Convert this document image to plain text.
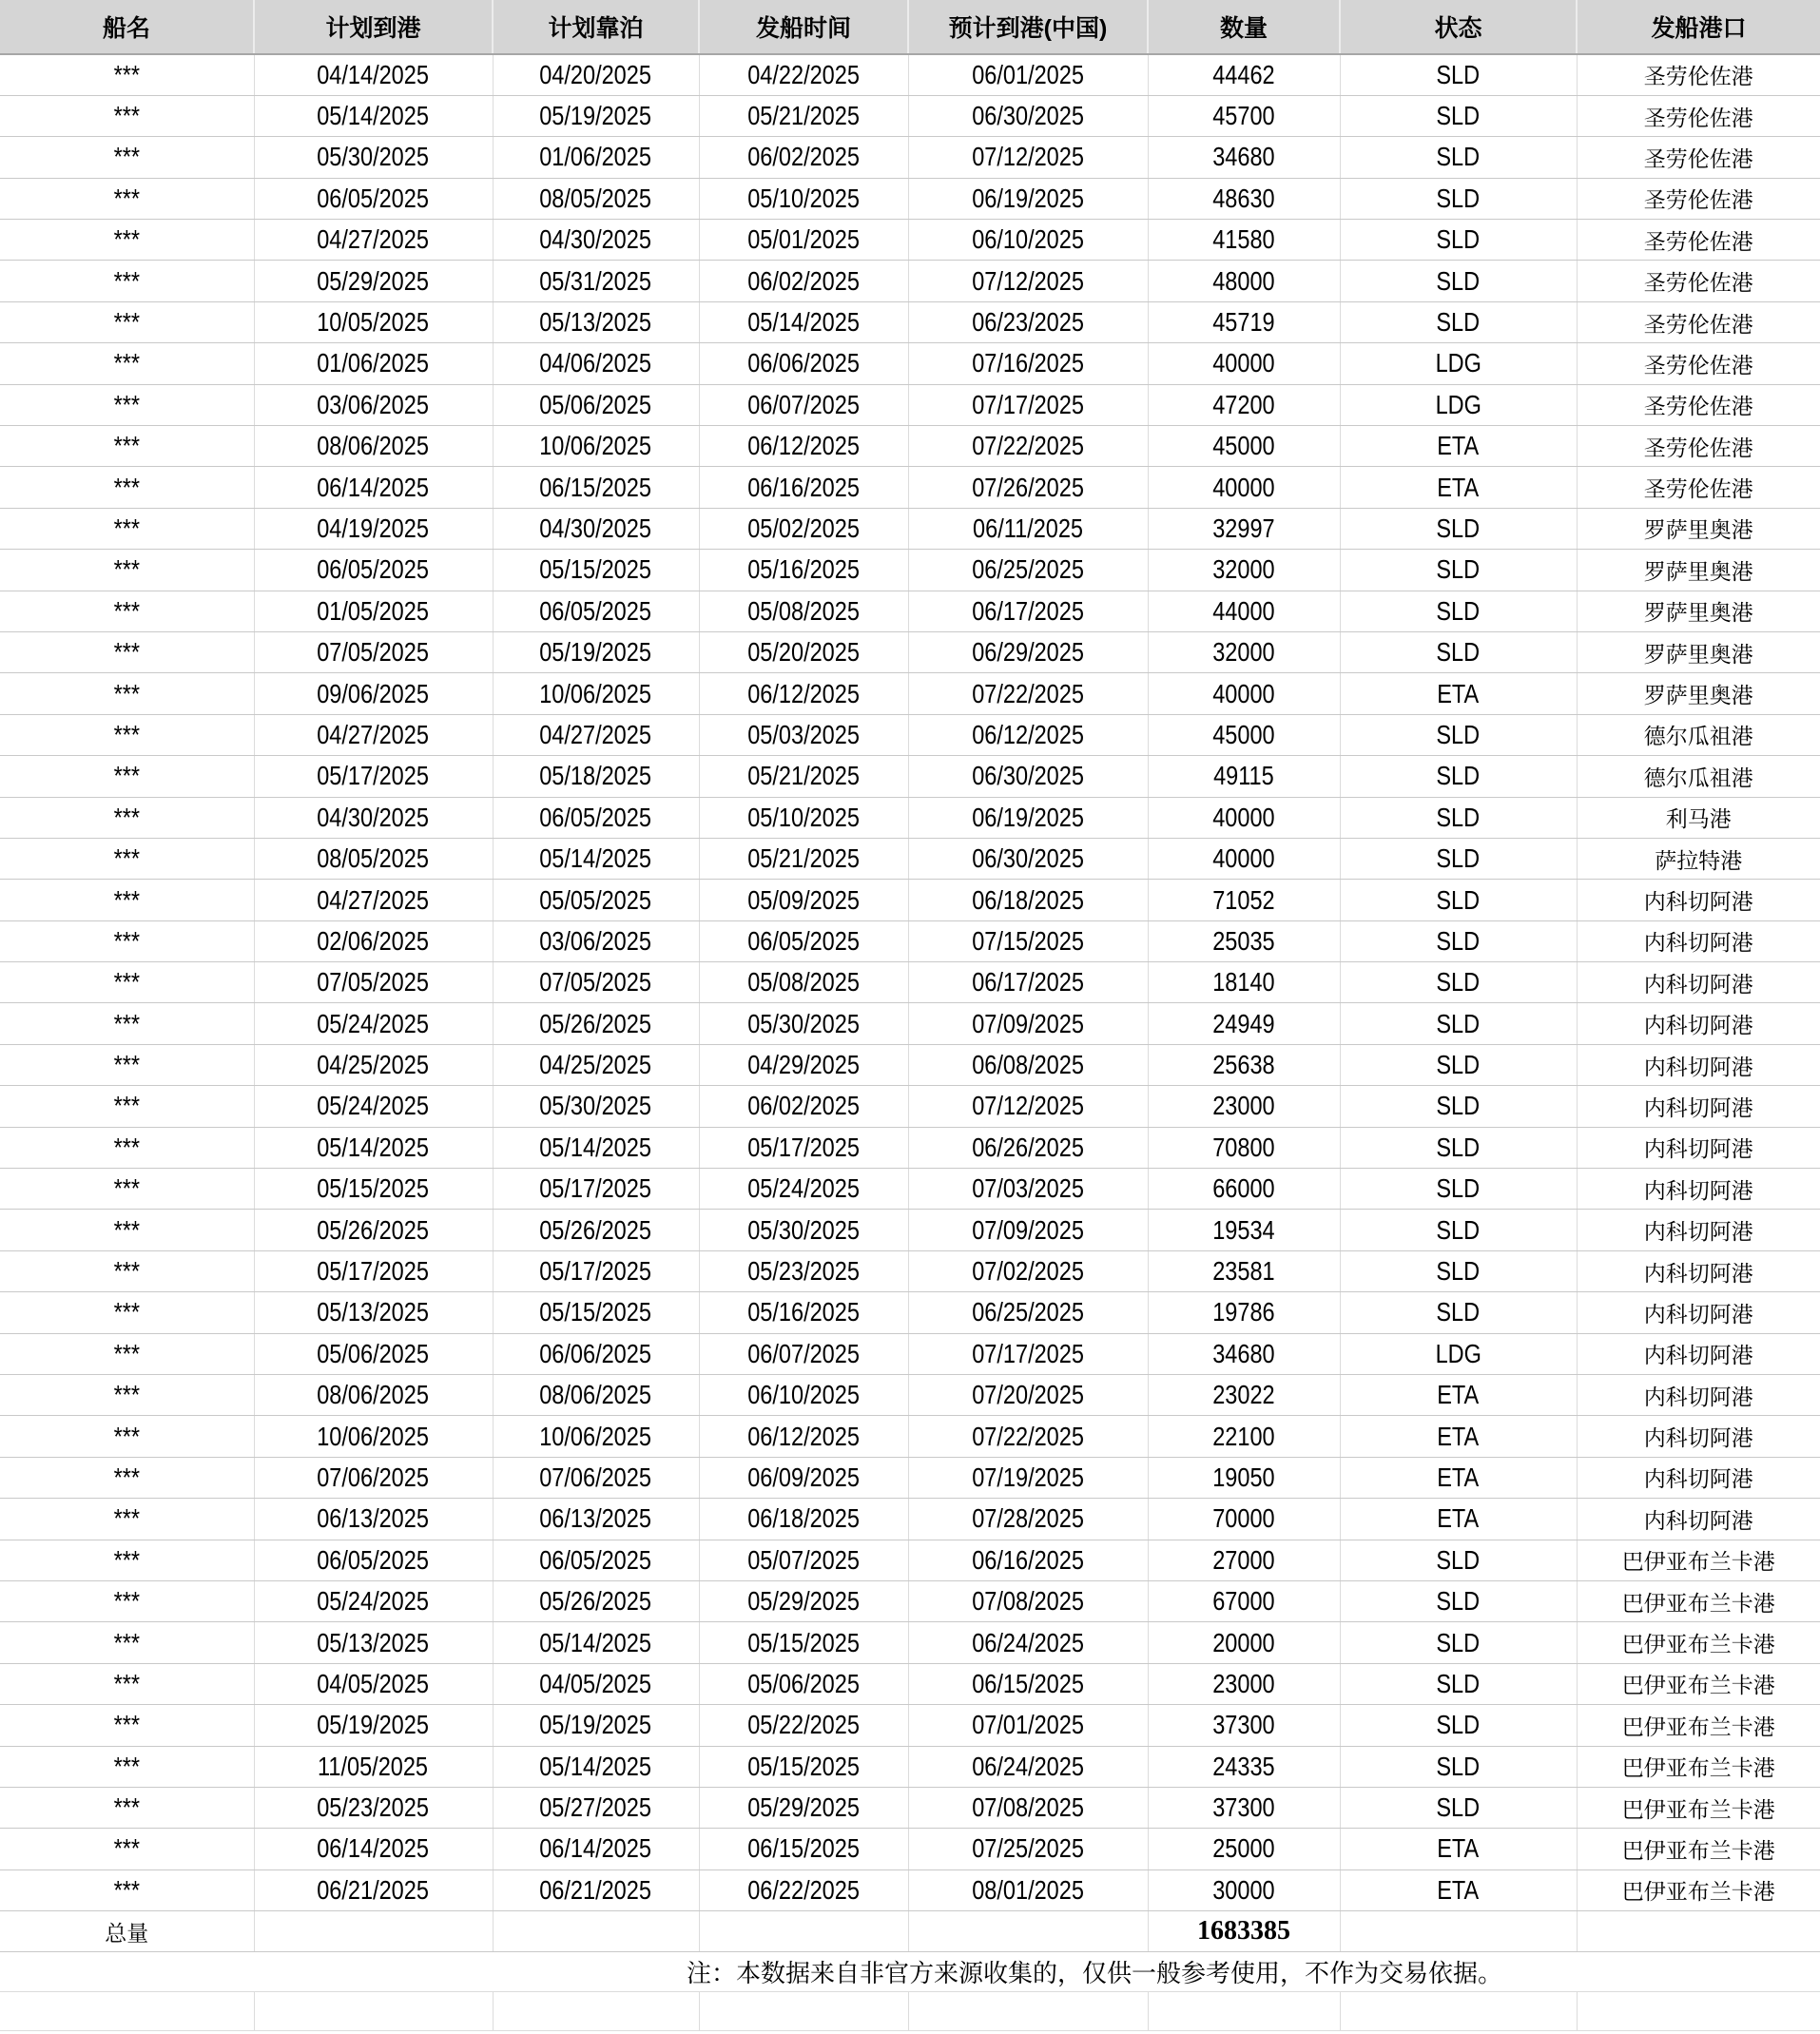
船名	计划到港	计划靠泊	发船时间	预计到港(中国)	数量	状态	发船港口
***	04/14/2025	04/20/2025	04/22/2025	06/01/2025	44462	SLD	圣劳伦佐港
***	05/14/2025	05/19/2025	05/21/2025	06/30/2025	45700	SLD	圣劳伦佐港
***	05/30/2025	01/06/2025	06/02/2025	07/12/2025	34680	SLD	圣劳伦佐港
***	06/05/2025	08/05/2025	05/10/2025	06/19/2025	48630	SLD	圣劳伦佐港
***	04/27/2025	04/30/2025	05/01/2025	06/10/2025	41580	SLD	圣劳伦佐港
***	05/29/2025	05/31/2025	06/02/2025	07/12/2025	48000	SLD	圣劳伦佐港
***	10/05/2025	05/13/2025	05/14/2025	06/23/2025	45719	SLD	圣劳伦佐港
***	01/06/2025	04/06/2025	06/06/2025	07/16/2025	40000	LDG	圣劳伦佐港
***	03/06/2025	05/06/2025	06/07/2025	07/17/2025	47200	LDG	圣劳伦佐港
***	08/06/2025	10/06/2025	06/12/2025	07/22/2025	45000	ETA	圣劳伦佐港
***	06/14/2025	06/15/2025	06/16/2025	07/26/2025	40000	ETA	圣劳伦佐港
***	04/19/2025	04/30/2025	05/02/2025	06/11/2025	32997	SLD	罗萨里奥港
***	06/05/2025	05/15/2025	05/16/2025	06/25/2025	32000	SLD	罗萨里奥港
***	01/05/2025	06/05/2025	05/08/2025	06/17/2025	44000	SLD	罗萨里奥港
***	07/05/2025	05/19/2025	05/20/2025	06/29/2025	32000	SLD	罗萨里奥港
***	09/06/2025	10/06/2025	06/12/2025	07/22/2025	40000	ETA	罗萨里奥港
***	04/27/2025	04/27/2025	05/03/2025	06/12/2025	45000	SLD	德尔瓜祖港
***	05/17/2025	05/18/2025	05/21/2025	06/30/2025	49115	SLD	德尔瓜祖港
***	04/30/2025	06/05/2025	05/10/2025	06/19/2025	40000	SLD	利马港
***	08/05/2025	05/14/2025	05/21/2025	06/30/2025	40000	SLD	萨拉特港
***	04/27/2025	05/05/2025	05/09/2025	06/18/2025	71052	SLD	内科切阿港
***	02/06/2025	03/06/2025	06/05/2025	07/15/2025	25035	SLD	内科切阿港
***	07/05/2025	07/05/2025	05/08/2025	06/17/2025	18140	SLD	内科切阿港
***	05/24/2025	05/26/2025	05/30/2025	07/09/2025	24949	SLD	内科切阿港
***	04/25/2025	04/25/2025	04/29/2025	06/08/2025	25638	SLD	内科切阿港
***	05/24/2025	05/30/2025	06/02/2025	07/12/2025	23000	SLD	内科切阿港
***	05/14/2025	05/14/2025	05/17/2025	06/26/2025	70800	SLD	内科切阿港
***	05/15/2025	05/17/2025	05/24/2025	07/03/2025	66000	SLD	内科切阿港
***	05/26/2025	05/26/2025	05/30/2025	07/09/2025	19534	SLD	内科切阿港
***	05/17/2025	05/17/2025	05/23/2025	07/02/2025	23581	SLD	内科切阿港
***	05/13/2025	05/15/2025	05/16/2025	06/25/2025	19786	SLD	内科切阿港
***	05/06/2025	06/06/2025	06/07/2025	07/17/2025	34680	LDG	内科切阿港
***	08/06/2025	08/06/2025	06/10/2025	07/20/2025	23022	ETA	内科切阿港
***	10/06/2025	10/06/2025	06/12/2025	07/22/2025	22100	ETA	内科切阿港
***	07/06/2025	07/06/2025	06/09/2025	07/19/2025	19050	ETA	内科切阿港
***	06/13/2025	06/13/2025	06/18/2025	07/28/2025	70000	ETA	内科切阿港
***	06/05/2025	06/05/2025	05/07/2025	06/16/2025	27000	SLD	巴伊亚布兰卡港
***	05/24/2025	05/26/2025	05/29/2025	07/08/2025	67000	SLD	巴伊亚布兰卡港
***	05/13/2025	05/14/2025	05/15/2025	06/24/2025	20000	SLD	巴伊亚布兰卡港
***	04/05/2025	04/05/2025	05/06/2025	06/15/2025	23000	SLD	巴伊亚布兰卡港
***	05/19/2025	05/19/2025	05/22/2025	07/01/2025	37300	SLD	巴伊亚布兰卡港
***	11/05/2025	05/14/2025	05/15/2025	06/24/2025	24335	SLD	巴伊亚布兰卡港
***	05/23/2025	05/27/2025	05/29/2025	07/08/2025	37300	SLD	巴伊亚布兰卡港
***	06/14/2025	06/14/2025	06/15/2025	07/25/2025	25000	ETA	巴伊亚布兰卡港
***	06/21/2025	06/21/2025	06/22/2025	08/01/2025	30000	ETA	巴伊亚布兰卡港
总量					1683385		
注：本数据来自非官方来源收集的，仅供一般参考使用，不作为交易依据。							
